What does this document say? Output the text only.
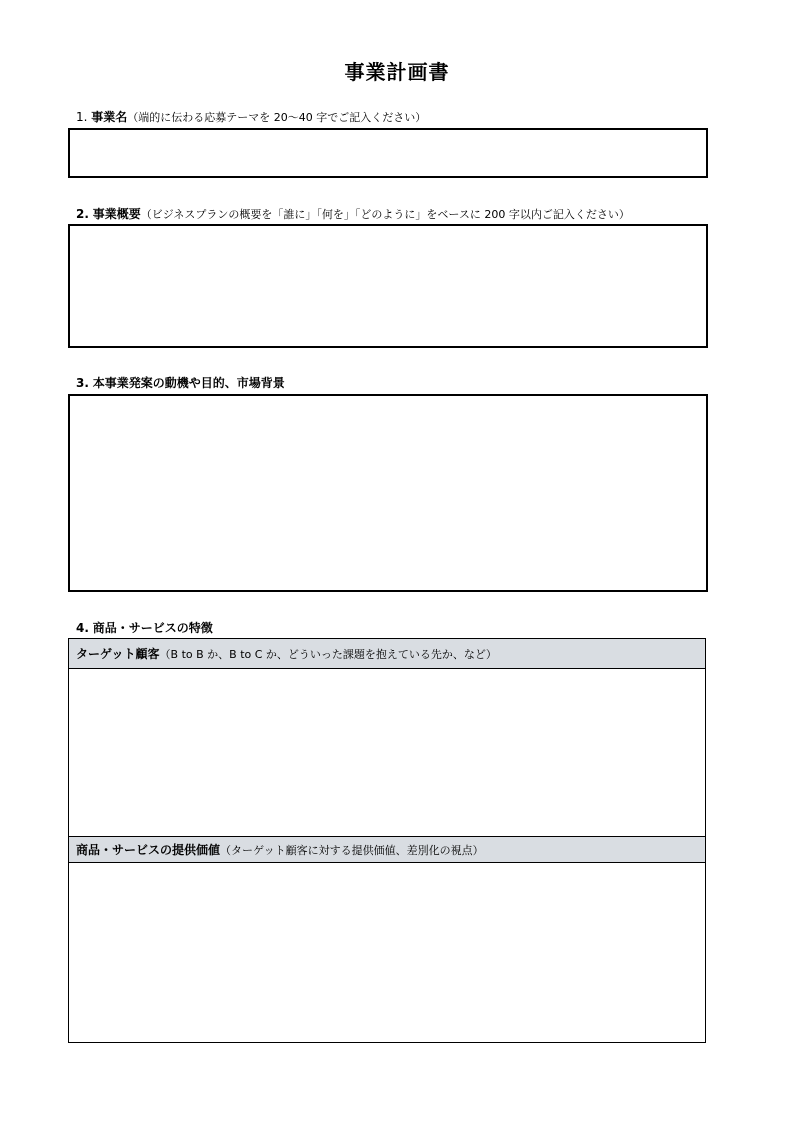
事業計画書
1. 事業名（端的に伝わる応募テーマを 20～40 字でご記入ください）
2. 事業概要（ビジネスプランの概要を「誰に」「何を」「どのように」をベースに 200 字以内ご記入ください）
3. 本事業発案の動機や目的、市場背景
4. 商品・サービスの特徴
ターゲット顧客 （B to B か、B to C か、どういった課題を抱えている先か、など）
商品・サービスの提供価値 （ターゲット顧客に対する提供価値、差別化の視点）
